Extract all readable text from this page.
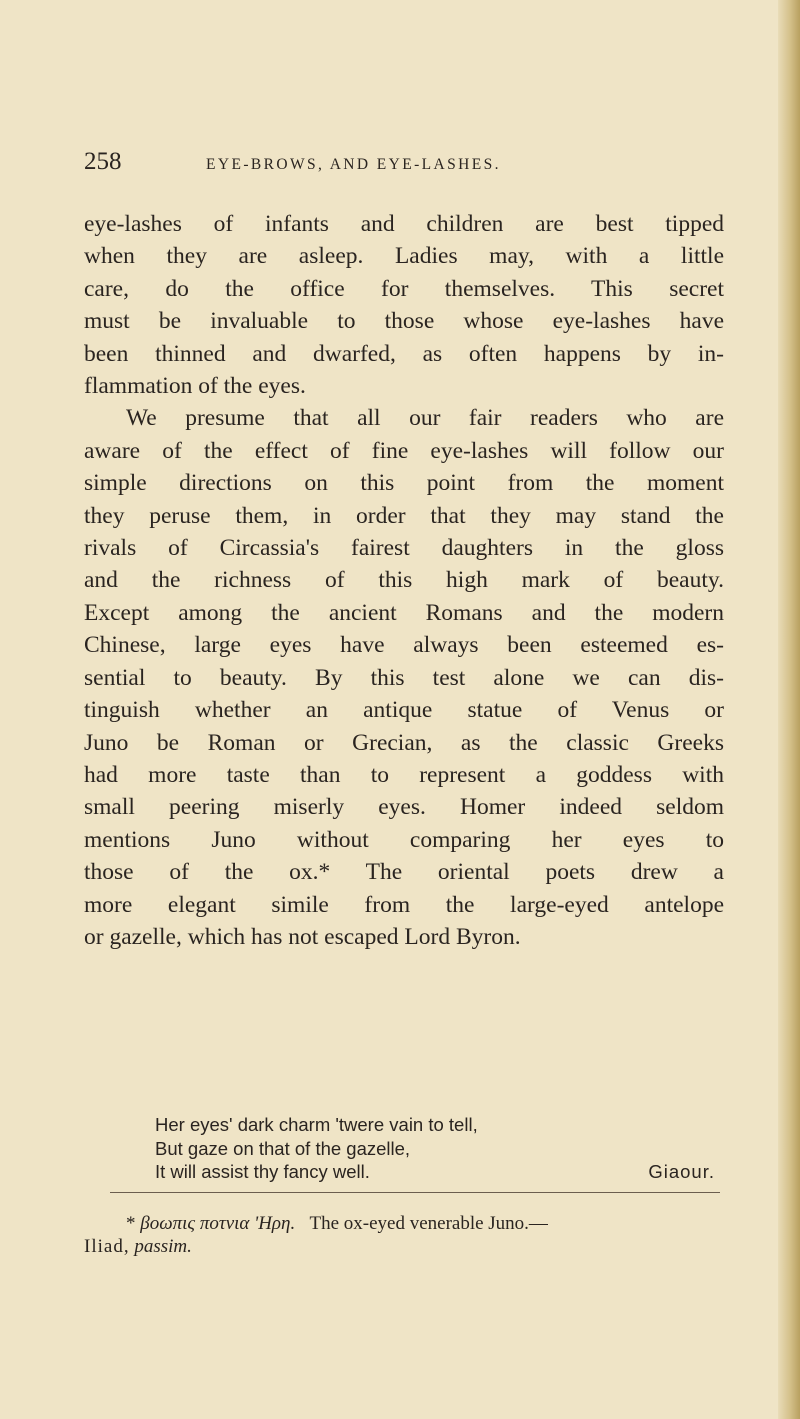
258	EYE-BROWS, AND EYE-LASHES.
eye-lashes of infants and children are best tipped
when they are asleep. Ladies may, with a little
care, do the office for themselves. This secret
must be invaluable to those whose eye-lashes have
been thinned and dwarfed, as often happens by in-
flammation of the eyes.
We presume that all our fair readers who are
aware of the effect of fine eye-lashes will follow our
simple directions on this point from the moment
they peruse them, in order that they may stand the
rivals of Circassia's fairest daughters in the gloss
and the richness of this high mark of beauty.
Except among the ancient Romans and the modern
Chinese, large eyes have always been esteemed es-
sential to beauty. By this test alone we can dis-
tinguish whether an antique statue of Venus or
Juno be Roman or Grecian, as the classic Greeks
had more taste than to represent a goddess with
small peering miserly eyes. Homer indeed seldom
mentions Juno without comparing her eyes to
those of the ox.* The oriental poets drew a
more elegant simile from the large-eyed antelope
or gazelle, which has not escaped Lord Byron.
Her eyes' dark charm 'twere vain to tell,
But gaze on that of the gazelle,
It will assist thy fancy well.	Giaour.
* βοωπις ποτνια 'Ηρη. The ox-eyed venerable Juno.—
Iliad, passim.
